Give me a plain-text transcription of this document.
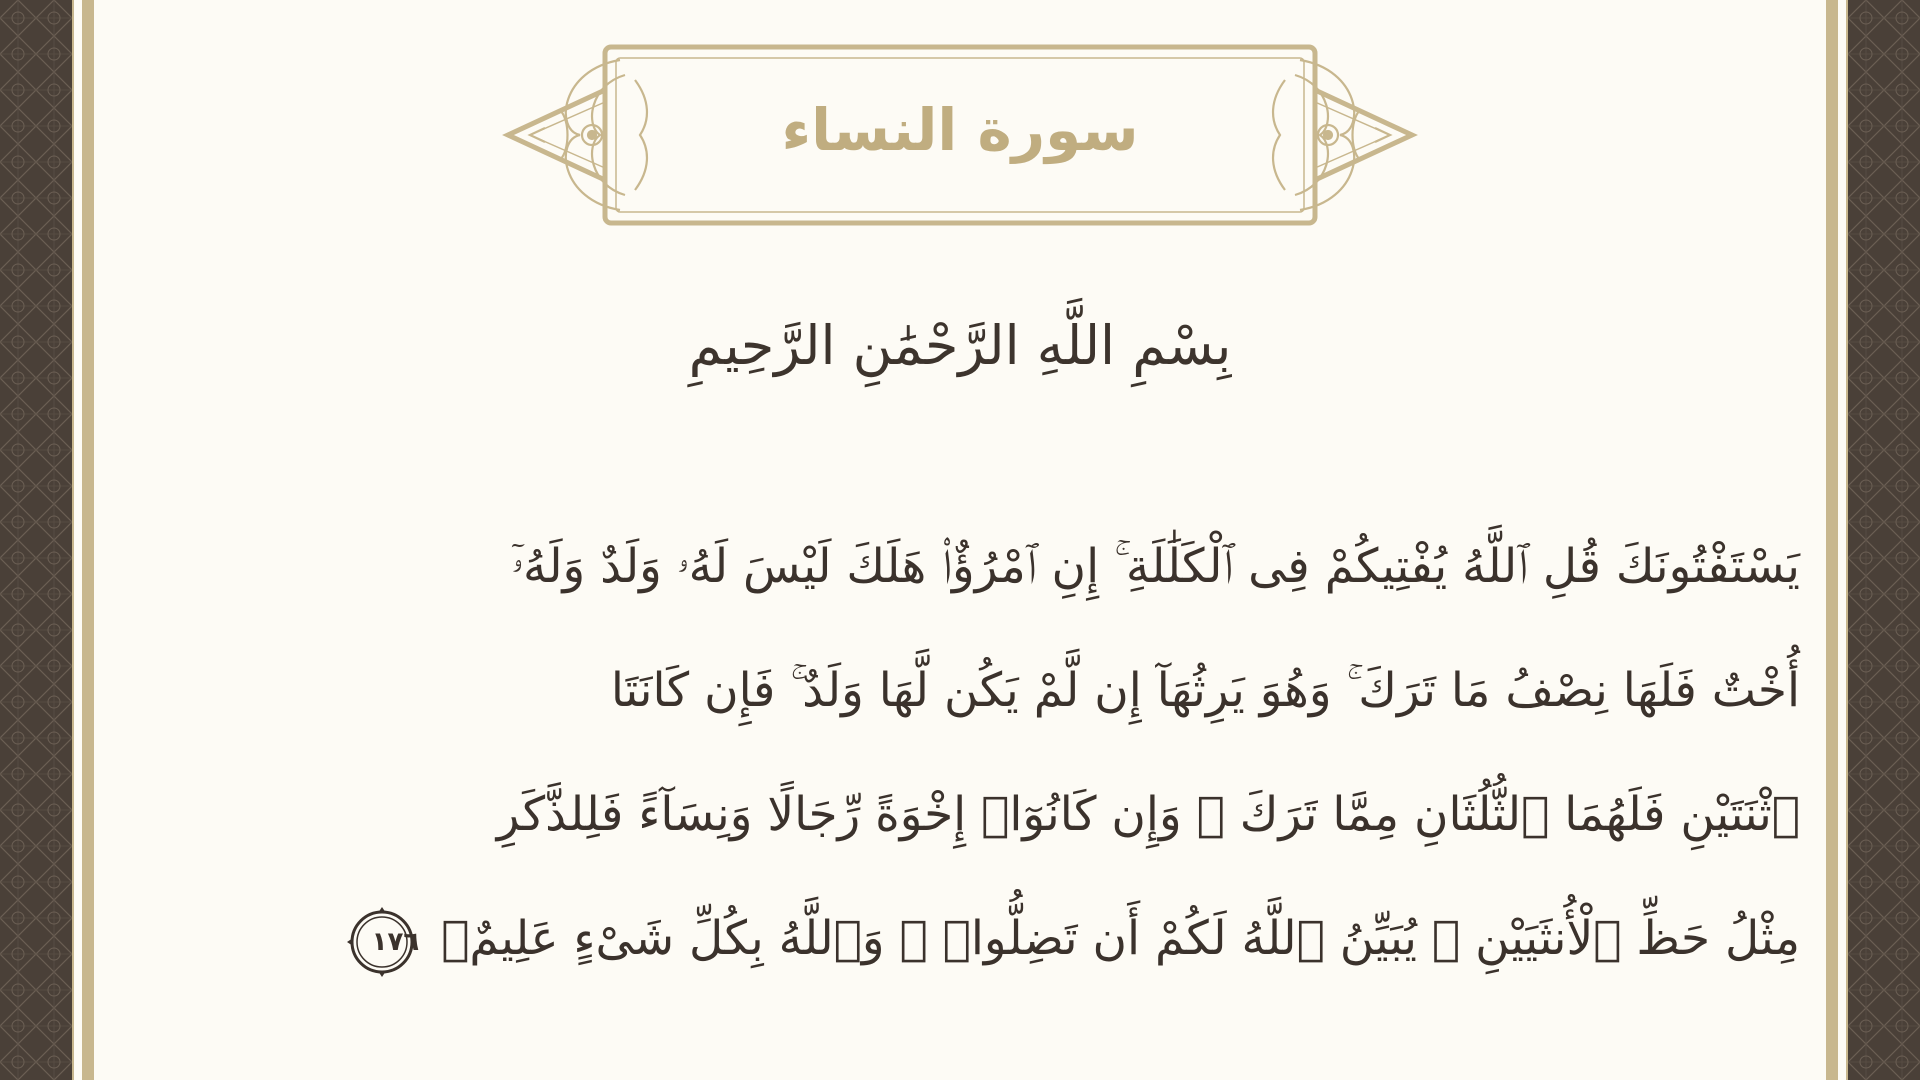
سورة النساء
بِسْمِ اللَّهِ الرَّحْمَٰنِ الرَّحِيمِ
يَسْتَفْتُونَكَ قُلِ ٱللَّهُ يُفْتِيكُمْ فِى ٱلْكَلَٰلَةِ ۚ إِنِ ٱمْرُؤٌا۟ هَلَكَ لَيْسَ لَهُۥ وَلَدٌ وَلَهُۥٓ
أُخْتٌ فَلَهَا نِصْفُ مَا تَرَكَ ۚ وَهُوَ يَرِثُهَآ إِن لَّمْ يَكُن لَّهَا وَلَدٌ ۚ فَإِن كَانَتَا
ٱثْنَتَيْنِ فَلَهُمَا ٱلثُّلُثَانِ مِمَّا تَرَكَ ۚ وَإِن كَانُوٓا۟ إِخْوَةً رِّجَالًا وَنِسَآءً فَلِلذَّكَرِ
مِثْلُ حَظِّ ٱلْأُنثَيَيْنِ ۗ يُبَيِّنُ ٱللَّهُ لَكُمْ أَن تَضِلُّوا۟ ۗ وَٱللَّهُ بِكُلِّ شَىْءٍ عَلِيمٌۢ
١٧٦
